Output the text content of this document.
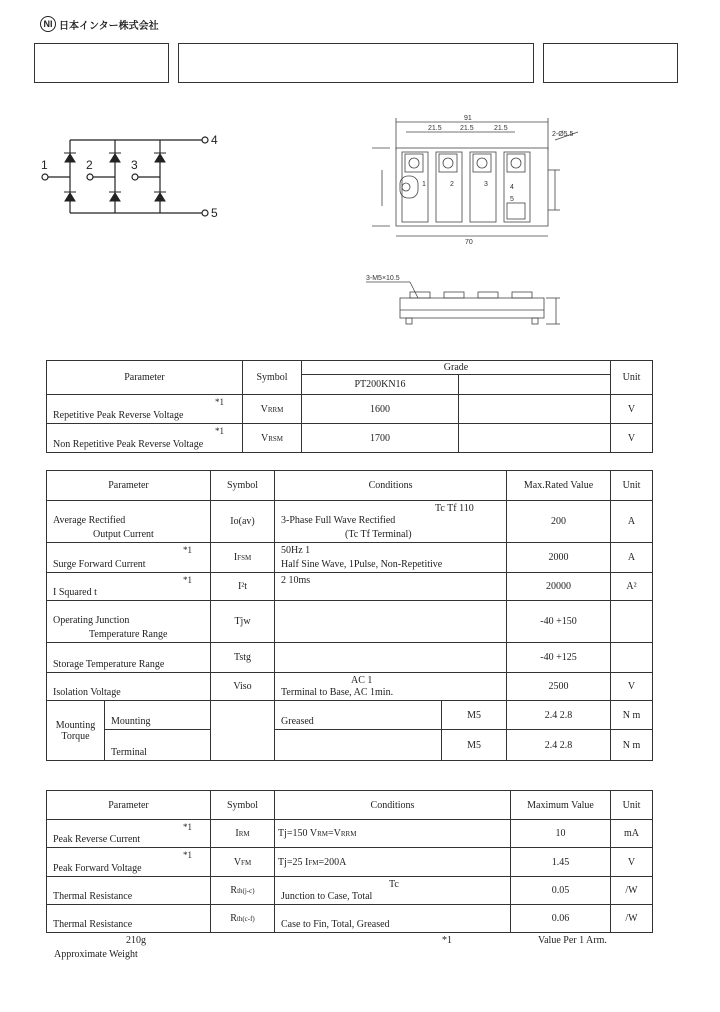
NI 日本インター株式会社
1	2	3
4
5
91
21.5	21.5	21.5
2-Ø5.5
70
1	2	3	4
5
3-M5×10.5
Parameter	Symbol	Grade		Unit
		PT200KN16		

*1
Repetitive Peak Reverse Voltage	VRRM	1600		V

*1
Non Repetitive Peak Reverse Voltage	VRSM	1700		V
Parameter		Symbol	Conditions		Max.Rated Value	Unit

Average Rectified
Output Current		Io(av)	Tc Tf 110
3-Phase Full Wave Rectified
(Tc Tf Terminal)		200	A

*1
Surge Forward Current		IFSM	50Hz 1
Half Sine Wave, 1Pulse, Non-Repetitive		2000	A

*1
I Squared t		I²t	2 10ms		20000	A²

Operating Junction
Temperature Range		Tjw			-40 +150	

Storage Temperature Range		Tstg			-40 +125	

Isolation Voltage		Viso	AC 1
Terminal to Base, AC 1min.		2500	V
Mounting
Torque	Mounting		Greased	M5	2.4 2.8	N m

	Terminal			M5	2.4 2.8	N m
Parameter	Symbol	Conditions	Maximum Value	Unit

*1
Peak Reverse Current	IRM	Tj=150 VRM=VRRM	10	mA

*1
Peak Forward Voltage	VFM	Tj=25 IFM=200A	1.45	V

Thermal Resistance	Rth(j-c)	Tc
Junction to Case, Total	0.05	/W

Thermal Resistance	Rth(c-f)	Case to Fin, Total, Greased	0.06	/W
210g
Approximate Weight
*1	Value Per 1 Arm.
